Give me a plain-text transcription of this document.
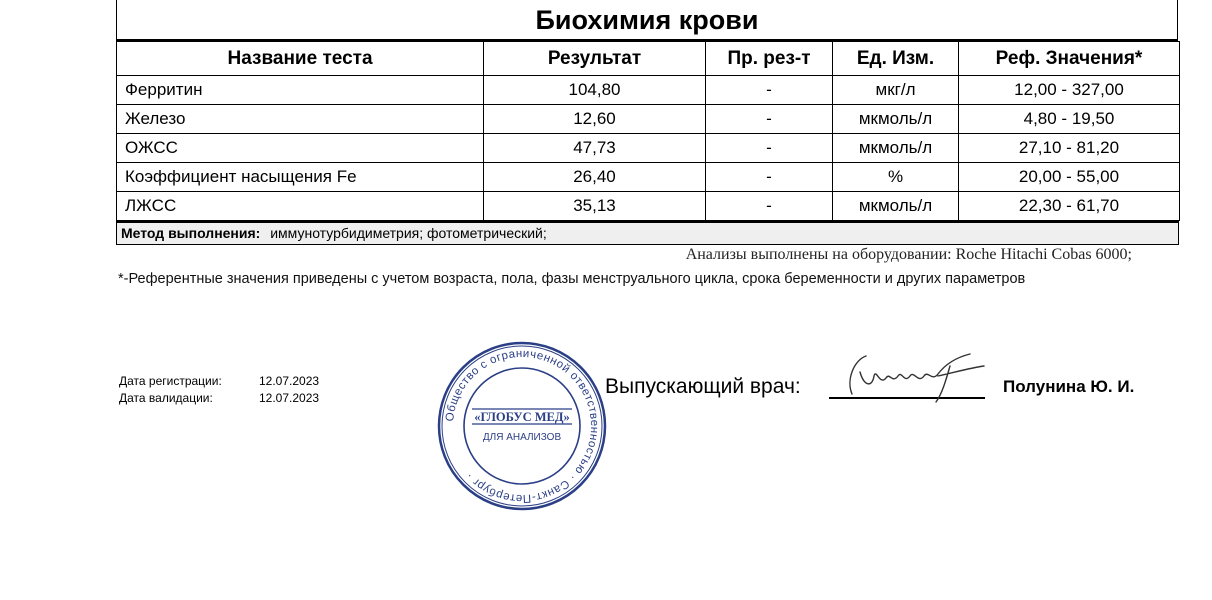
Биохимия крови
Название теста	Результат	Пр. рез-т	Ед. Изм.	Реф. Значения*
Ферритин	104,80	-	мкг/л	12,00 - 327,00
Железо	12,60	-	мкмоль/л	4,80 - 19,50
ОЖСС	47,73	-	мкмоль/л	27,10 - 81,20
Коэффициент насыщения Fe	26,40	-	%	20,00 - 55,00
ЛЖСС	35,13	-	мкмоль/л	22,30 - 61,70
Метод выполнения: иммунотурбидиметрия; фотометрический;
Анализы выполнены на оборудовании: Roche Hitachi Cobas 6000;
*-Референтные значения приведены с учетом возраста, пола, фазы менструального цикла, срока беременности и других параметров
Дата регистрации:	12.07.2023
Дата валидации:	12.07.2023
Общество с ограниченной ответственностью · Санкт-Петербург ·
«ГЛОБУС МЕД»
ДЛЯ АНАЛИЗОВ
Выпускающий врач:	Полунина Ю. И.
